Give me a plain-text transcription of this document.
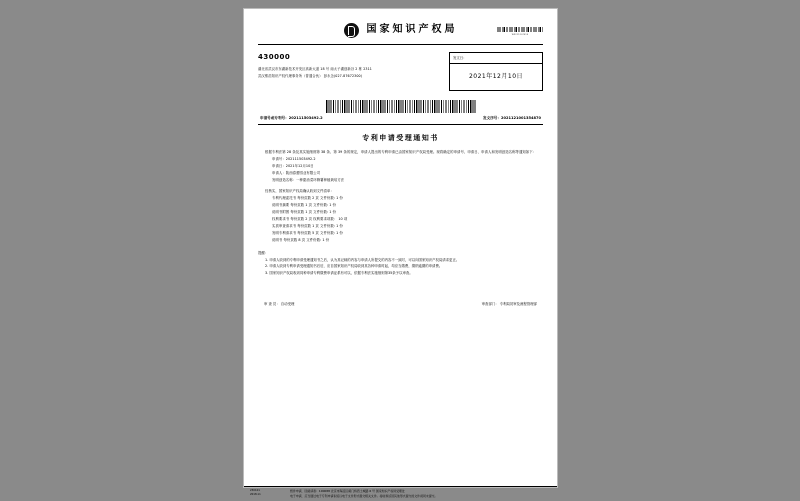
WX211207E19
国家知识产权局
430000
湖北省武汉市东湖新技术开发区高新大道 18 号 南太子湖创新谷 2 栋 2311
武汉维浩知识产权代理事务所（普通合伙） 彭永念(027-87672300)
发文日：
2021年12月10日
申请号或专利号：202111503492.2	发文序号：2021121001354870
专利申请受理通知书

根据专利法第 28 条及其实施细则第 38 条、第 39 条的规定，申请人提出的专利申请已由国家知识产权局受理。现将确定的申请号、申请日、申请人和发明创造名称等通知如下：

申请号：202111503492.2

申请日：2021年12月10日

申请人：陕西春蕾园业有限公司

发明创造名称：一种甜油菜环筛薯种植栽培方法

经核实，国家知识产权局确认收到文件清单：

专利代理委托书 每份页数 2 页 文件份数: 1 份

说明书摘要 每份页数 1 页 文件份数: 1 份

说明书附图 每份页数 1 页 文件份数: 1 份

权利要求书 每份页数 2 页 权利要求项数： 10 项

实质审查请求书 每份页数 1 页 文件份数: 1 份

发明专利请求书 每份页数 5 页 文件份数: 1 份

说明书 每份页数 8 页 文件份数: 1 份

提醒：

1. 申请人收到的专利申请受理通知书之后，认为其记载的内容与申请人所提交的内容不一致时，可以向国家知识产权局请求更正。

2. 申请人收到专利申请受理通知书后后，应自国家知识产权局收到其各种申请时起，均应当缴费，缴纳逾期的申请费。

3. 国家知识产权局收到同种申请专利缴费申请证系有可以，依据专利法实施细则第35条予以审查。

审 查 员： 自动受理	审查部门： 专利局初审及流程管理部
230101
2018.11
纸件申请，回函请寄：100088 北京市海淀区蓟门桥西土城路 6 号 国家知识产权局受理处
电子申请，应当通过电子专利申请系统以电子文件形式提交相关文件。接收和返回其他形式提交的文件视同未提交。
